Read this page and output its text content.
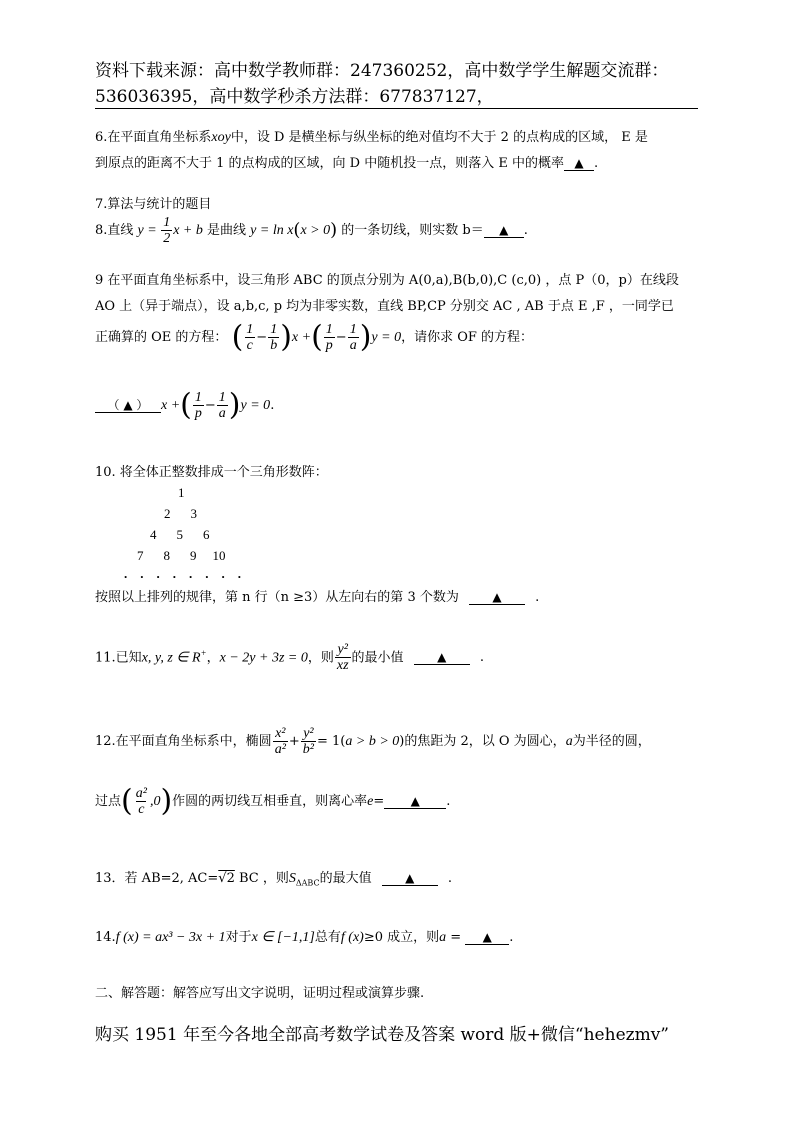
资料下载来源：高中数学教师群：247360252，高中数学学生解题交流群：
536036395，高中数学秒杀方法群：677837127，
6.在平面直角坐标系xoy中，设 D 是横坐标与纵坐标的绝对值均不大于 2 的点构成的区域， E 是
到原点的距离不大于 1 的点构成的区域，向 D 中随机投一点，则落入 E 中的概率 ▲ .
7.算法与统计的题目
8.直线 $y = \frac{1}{2}$ x + b 是曲线 y = ln x(x > 0) 的一条切线，则实数 b＝ ▲ .
9 在平面直角坐标系中，设三角形 ABC 的顶点分别为 A(0,a),B(b,0),C (c,0) ，点 P（0，p）在线段
AO 上（异于端点），设 a,b,c, p 均为非零实数，直线 BP,CP 分别交 AC , AB 于点 E ,F ，一同学已
正确算的 OE 的方程： ( $\frac{1}{c} - \frac{1}{b} )x$ +( $\frac{1}{p} - \frac{1}{a} )y = 0$，请你求 OF 的方程：
（ ▲ ） x +( $\frac{1}{p} - \frac{1}{a} )y = 0$.
10. 将全体正整数排成一个三角形数阵：
1
2 3
4 5 6
7 8 9 10
.    .    .    .    .    .    .    .
按照以上排列的规律，第 n 行（n ≥3）从左向右的第 3 个数为	▲	.
11.已知x, y, z ∈ R+，x − 2y + 3z = 0，则 $\frac{\text{y²}}{xz}$ 的最小值	▲	.
12.在平面直角坐标系中，椭圆 $\frac{\text{x²}}{\text{a²}} + \frac{\text{y²}}{\text{b²}} = 1(a > b > 0)$的焦距为 2，以 O 为圆心，a为半径的圆，
过点( $\frac{\text{a²}}{c} ,0$)作圆的两切线互相垂直，则离心率e= ▲ .
13．若 AB=2, AC=√2 BC ，则$S_{\Delta ABC}$的最大值	▲	.
14.f (x) = ax³ − 3x + 1对于x ∈ [−1,1]总有f (x)≥0 成立，则a = ▲ .
二、解答题：解答应写出文字说明，证明过程或演算步骤.
购买 1951 年至今各地全部高考数学试卷及答案 word 版+微信“hehezmv”
